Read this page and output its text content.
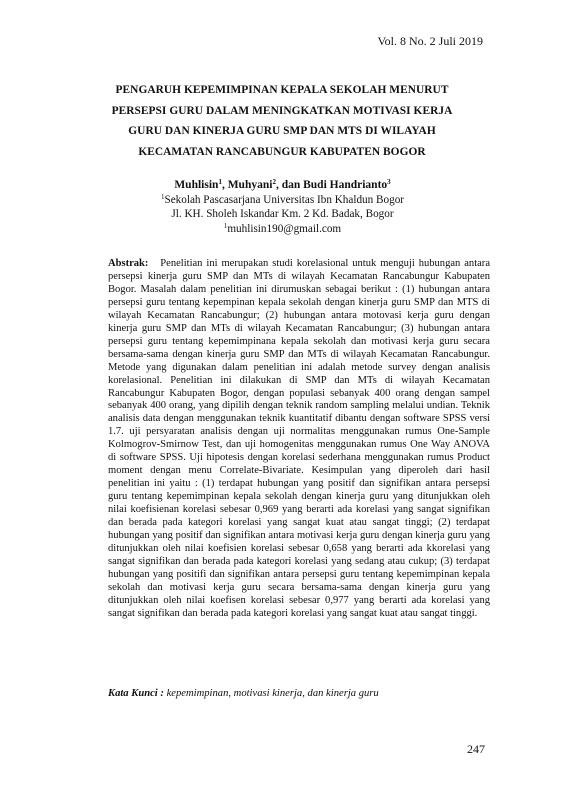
Vol. 8 No. 2 Juli 2019
PENGARUH KEPEMIMPINAN KEPALA SEKOLAH MENURUT
PERSEPSI GURU DALAM MENINGKATKAN MOTIVASI KERJA
GURU DAN KINERJA GURU SMP DAN MTS DI WILAYAH
KECAMATAN RANCABUNGUR KABUPATEN BOGOR
Muhlisin$^1$, Muhyani$^2$, dan Budi Handrianto$^3$
$^1$Sekolah Pascasarjana Universitas Ibn Khaldun Bogor
Jl. KH. Sholeh Iskandar Km. 2 Kd. Badak, Bogor
$^1$muhlisin190@gmail.com
Abstrak: Penelitian ini merupakan studi korelasional untuk menguji hubungan antara persepsi kinerja guru SMP dan MTs di wilayah Kecamatan Rancabungur Kabupaten Bogor. Masalah dalam penelitian ini dirumuskan sebagai berikut : (1) hubungan antara persepsi guru tentang kepempinan kepala sekolah dengan kinerja guru SMP dan MTS di wilayah Kecamatan Rancabungur; (2) hubungan antara motovasi kerja guru dengan kinerja guru SMP dan MTs di wilayah Kecamatan Rancabungur; (3) hubungan antara persepsi guru tentang kepemimpinana kepala sekolah dan motivasi kerja guru secara bersama-sama dengan kinerja guru SMP dan MTs di wilayah Kecamatan Rancabungur. Metode yang digunakan dalam penelitian ini adalah metode survey dengan analisis korelasional. Penelitian ini dilakukan di SMP dan MTs di wilayah Kecamatan Rancabungur Kabupaten Bogor, dengan populasi sebanyak 400 orang dengan sampel sebanyak 400 orang, yang dipilih dengan teknik random sampling melalui undian. Teknik analisis data dengan menggunakan teknik kuantitatif dibantu dengan software SPSS versi 1.7. uji persyaratan analisis dengan uji normalitas menggunakan rumus One-Sample Kolmogrov-Smirnow Test, dan uji homogenitas menggunakan rumus One Way ANOVA di software SPSS. Uji hipotesis dengan korelasi sederhana menggunakan rumus Product moment dengan menu Correlate-Bivariate. Kesimpulan yang diperoleh dari hasil penelitian ini yaitu : (1) terdapat hubungan yang positif dan signifikan antara persepsi guru tentang kepemimpinan kepala sekolah dengan kinerja guru yang ditunjukkan oleh nilai koefisienan korelasi sebesar 0,969 yang berarti ada korelasi yang sangat signifikan dan berada pada kategori korelasi yang sangat kuat atau sangat tinggi; (2) terdapat hubungan yang positif dan signifikan antara motivasi kerja guru dengan kinerja guru yang ditunjukkan oleh nilai koefisien korelasi sebesar 0,658 yang berarti ada kkorelasi yang sangat signifikan dan berada pada kategori korelasi yang sedang atau cukup; (3) terdapat hubungan yang positifi dan signifikan antara persepsi guru tentang kepemimpinan kepala sekolah dan motivasi kerja guru secara bersama-sama dengan kinerja guru yang ditunjukkan oleh nilai koefisen korelasi sebesar 0,977 yang berarti ada korelasi yang sangat signifikan dan berada pada kategori korelasi yang sangat kuat atau sangat tinggi.
Kata Kunci : kepemimpinan, motivasi kinerja, dan kinerja guru
247
